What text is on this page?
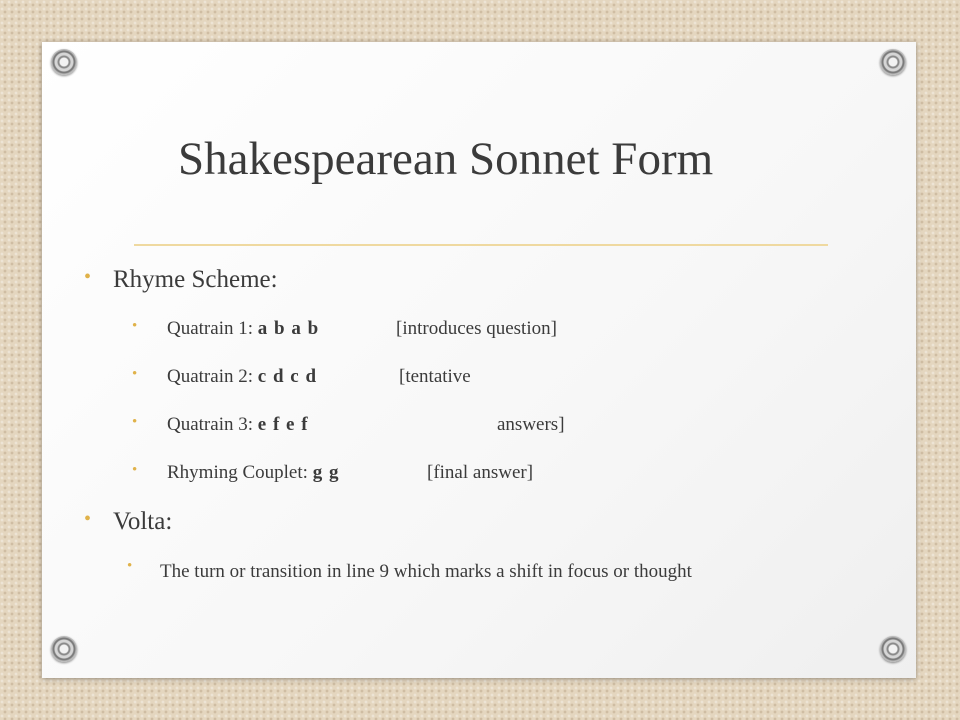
Shakespearean Sonnet Form
• Rhyme Scheme:
• Quatrain 1: a b a b	[introduces question]
• Quatrain 2: c d c d	[tentative
• Quatrain 3: e f e f	answers]
• Rhyming Couplet: g g	[final answer]
• Volta:
• The turn or transition in line 9 which marks a shift in focus or thought
